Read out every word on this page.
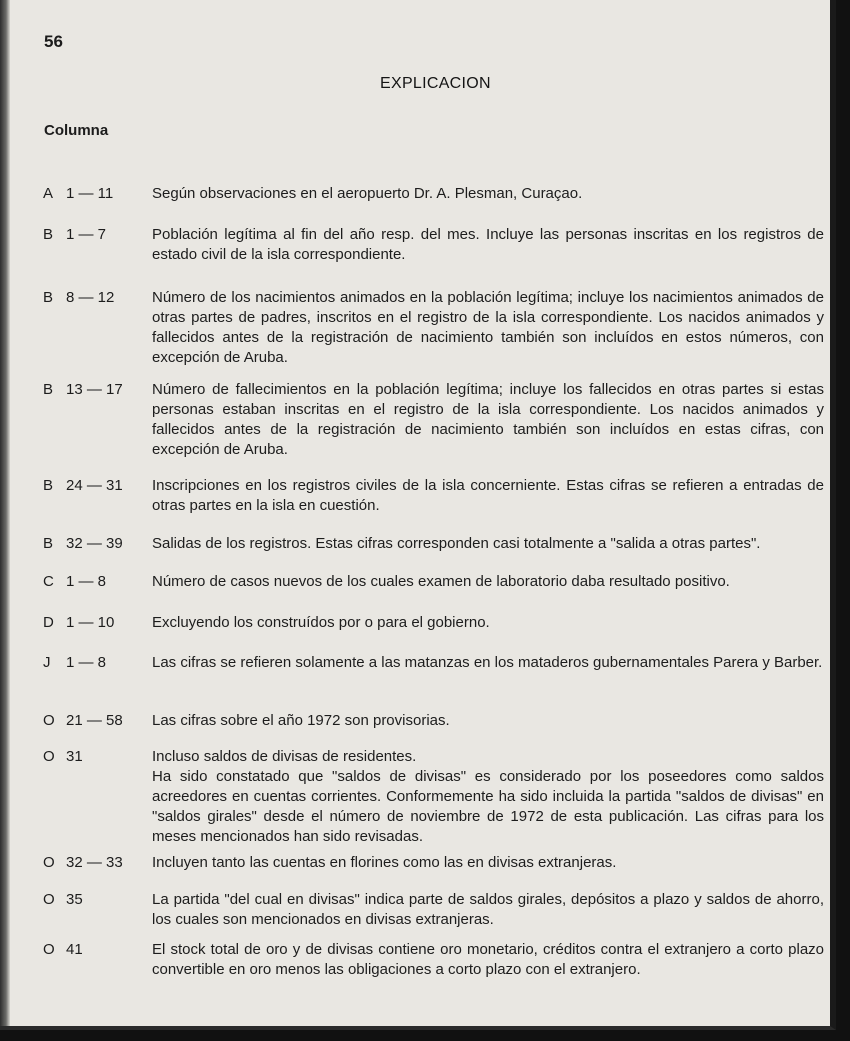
56
EXPLICACION
Columna
A 1 — 11	Según observaciones en el aeropuerto Dr. A. Plesman, Curaçao.

B 1 — 7	Población legítima al fin del año resp. del mes. Incluye las personas inscritas en los registros de estado civil de la isla correspondiente.

B 8 — 12	Número de los nacimientos animados en la población legítima; incluye los nacimientos animados de otras partes de padres, inscritos en el registro de la isla correspondiente. Los nacidos animados y fallecidos antes de la registración de nacimiento también son incluídos en estos números, con excepción de Aruba.

B 13 — 17	Número de fallecimientos en la población legítima; incluye los fallecidos en otras partes si estas personas estaban inscritas en el registro de la isla correspondiente. Los nacidos animados y fallecidos antes de la registración de nacimiento también son incluídos en estas cifras, con excepción de Aruba.

B 24 — 31	Inscripciones en los registros civiles de la isla concerniente. Estas cifras se refieren a entradas de otras partes en la isla en cuestión.

B 32 — 39	Salidas de los registros. Estas cifras corresponden casi totalmente a "salida a otras partes".

C 1 — 8	Número de casos nuevos de los cuales examen de laboratorio daba resultado positivo.

D 1 — 10	Excluyendo los construídos por o para el gobierno.

J	1 — 8	Las cifras se refieren solamente a las matanzas en los mataderos gubernamentales Parera y Barber.

O 21 — 58	Las cifras sobre el año 1972 son provisorias.

O 31	Incluso saldos de divisas de residentes.

Ha sido constatado que "saldos de divisas" es considerado por los poseedores como saldos acreedores en cuentas corrientes. Conformemente ha sido incluida la partida "saldos de divisas" en "saldos girales" desde el número de noviembre de 1972 de esta publicación. Las cifras para los meses mencionados han sido revisadas.

O 32 — 33	Incluyen tanto las cuentas en florines como las en divisas extranjeras.

O 35	La partida "del cual en divisas" indica parte de saldos girales, depósitos a plazo y saldos de ahorro, los cuales son mencionados en divisas extranjeras.

O 41	El stock total de oro y de divisas contiene oro monetario, créditos contra el extranjero a corto plazo convertible en oro menos las obligaciones a corto plazo con el extranjero.
